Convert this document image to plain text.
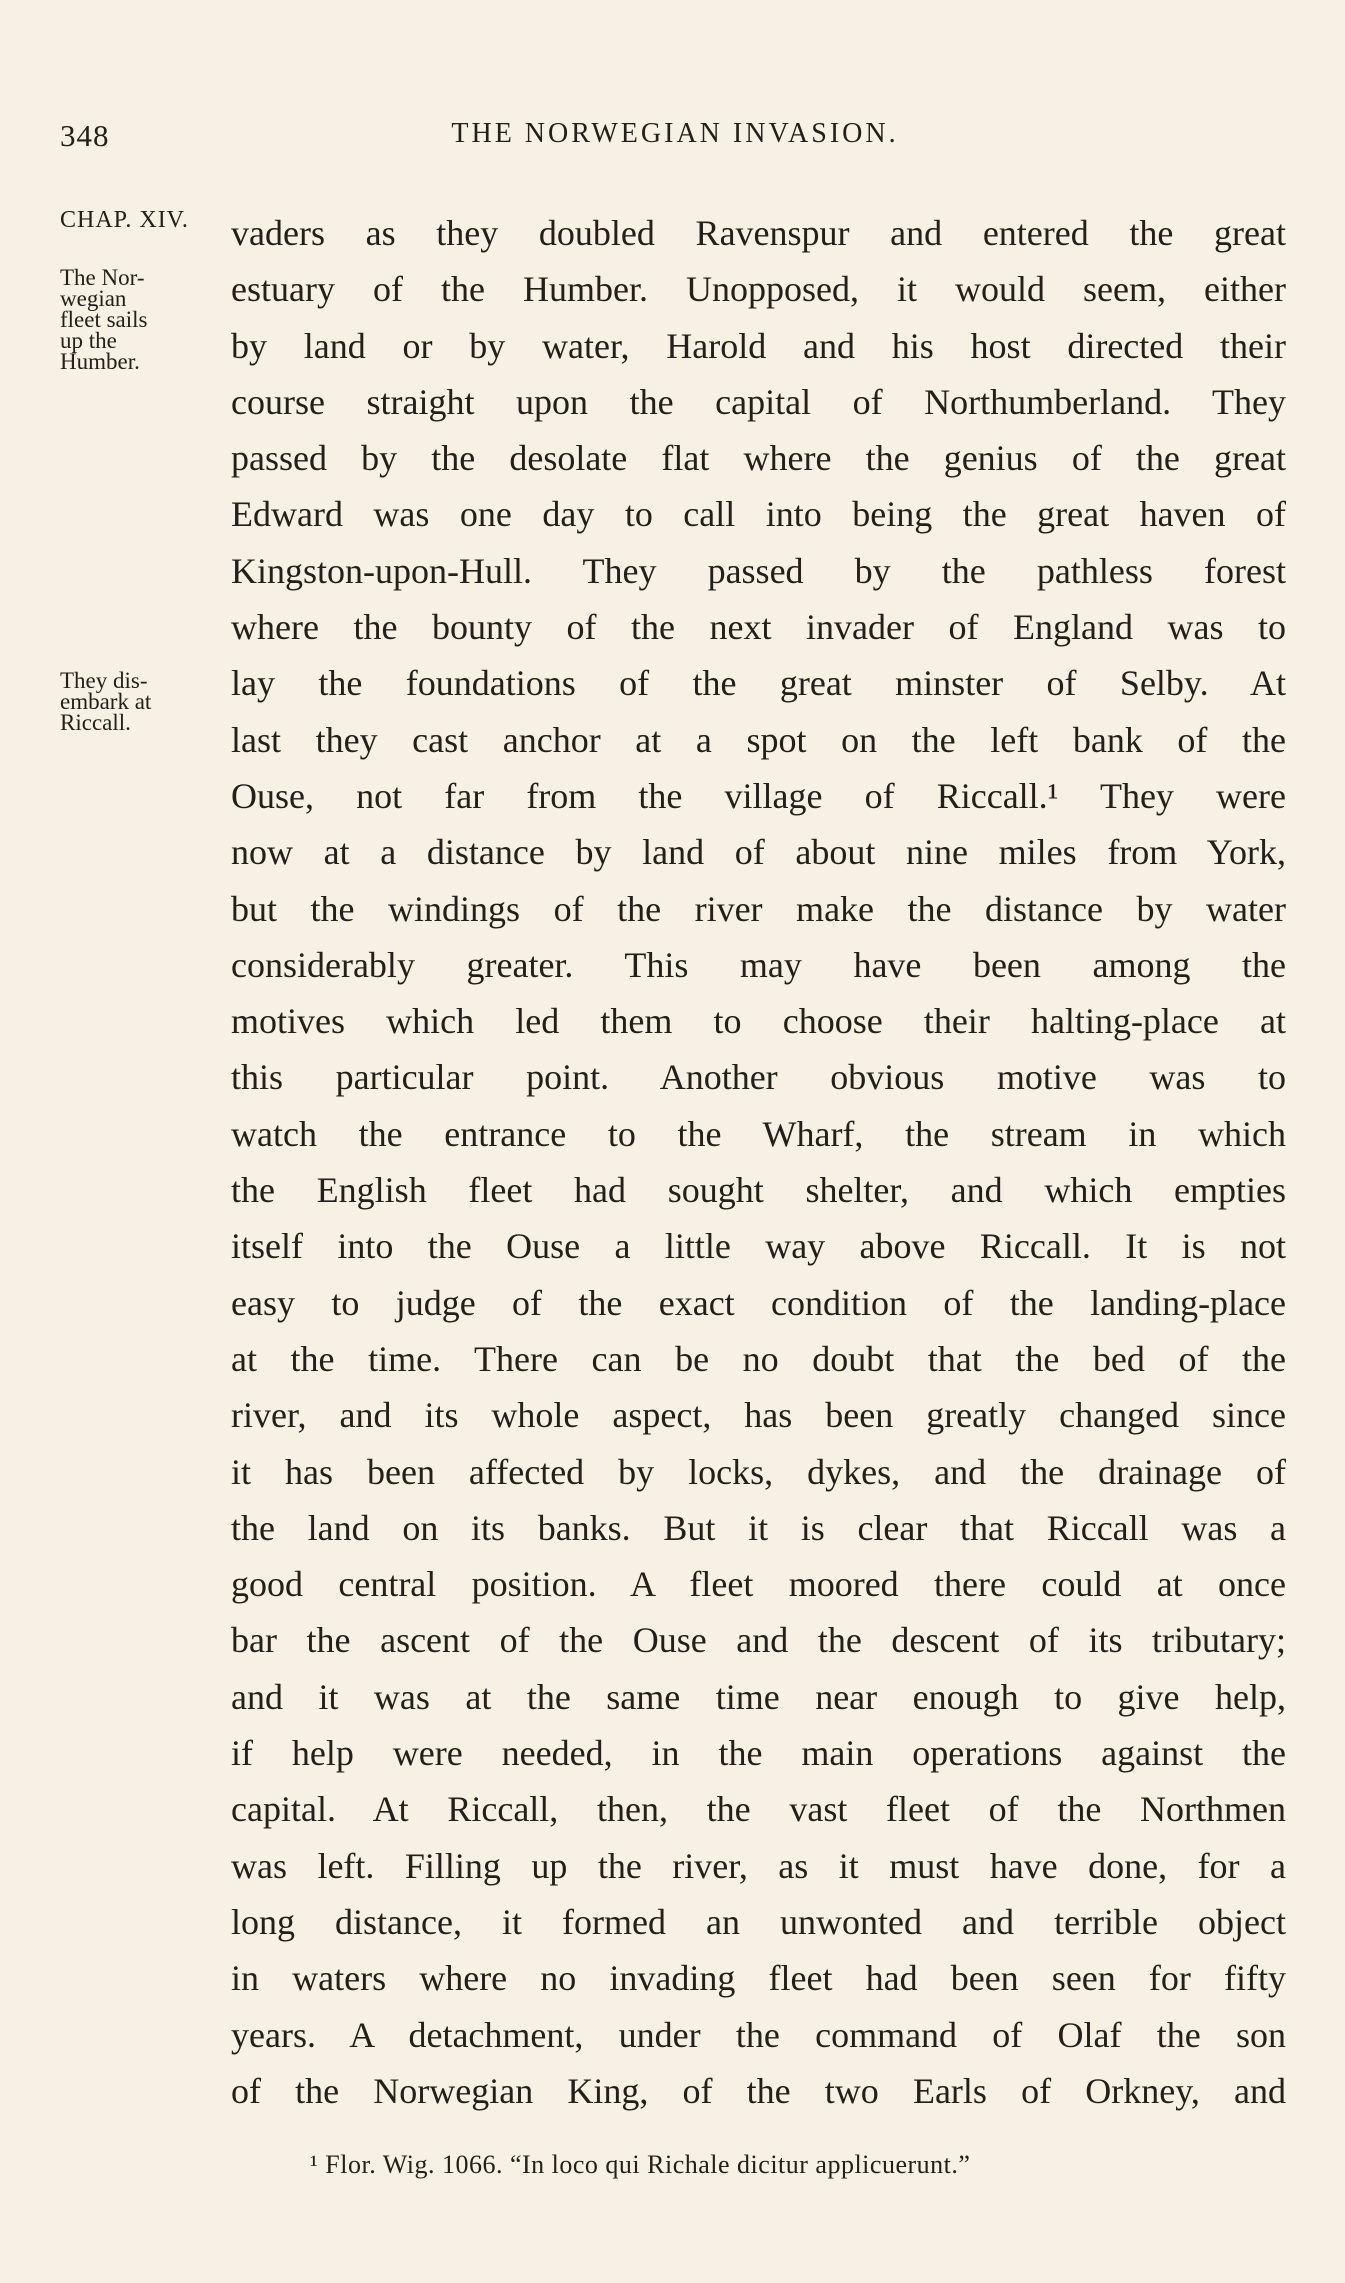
348	THE NORWEGIAN INVASION.
CHAP. XIV.
The Nor-
wegian
fleet sails
up the
Humber.
They dis-
embark at
Riccall.
vaders as they doubled Ravenspur and entered the great
estuary of the Humber. Unopposed, it would seem, either
by land or by water, Harold and his host directed their
course straight upon the capital of Northumberland. They
passed by the desolate flat where the genius of the great
Edward was one day to call into being the great haven of
Kingston-upon-Hull. They passed by the pathless forest
where the bounty of the next invader of England was to
lay the foundations of the great minster of Selby. At
last they cast anchor at a spot on the left bank of the
Ouse, not far from the village of Riccall.¹ They were
now at a distance by land of about nine miles from York,
but the windings of the river make the distance by water
considerably greater. This may have been among the
motives which led them to choose their halting-place at
this particular point. Another obvious motive was to
watch the entrance to the Wharf, the stream in which
the English fleet had sought shelter, and which empties
itself into the Ouse a little way above Riccall. It is not
easy to judge of the exact condition of the landing-place
at the time. There can be no doubt that the bed of the
river, and its whole aspect, has been greatly changed since
it has been affected by locks, dykes, and the drainage of
the land on its banks. But it is clear that Riccall was a
good central position. A fleet moored there could at once
bar the ascent of the Ouse and the descent of its tributary;
and it was at the same time near enough to give help,
if help were needed, in the main operations against the
capital. At Riccall, then, the vast fleet of the Northmen
was left. Filling up the river, as it must have done, for a
long distance, it formed an unwonted and terrible object
in waters where no invading fleet had been seen for fifty
years. A detachment, under the command of Olaf the son
of the Norwegian King, of the two Earls of Orkney, and
¹ Flor. Wig. 1066. “In loco qui Richale dicitur applicuerunt.”
